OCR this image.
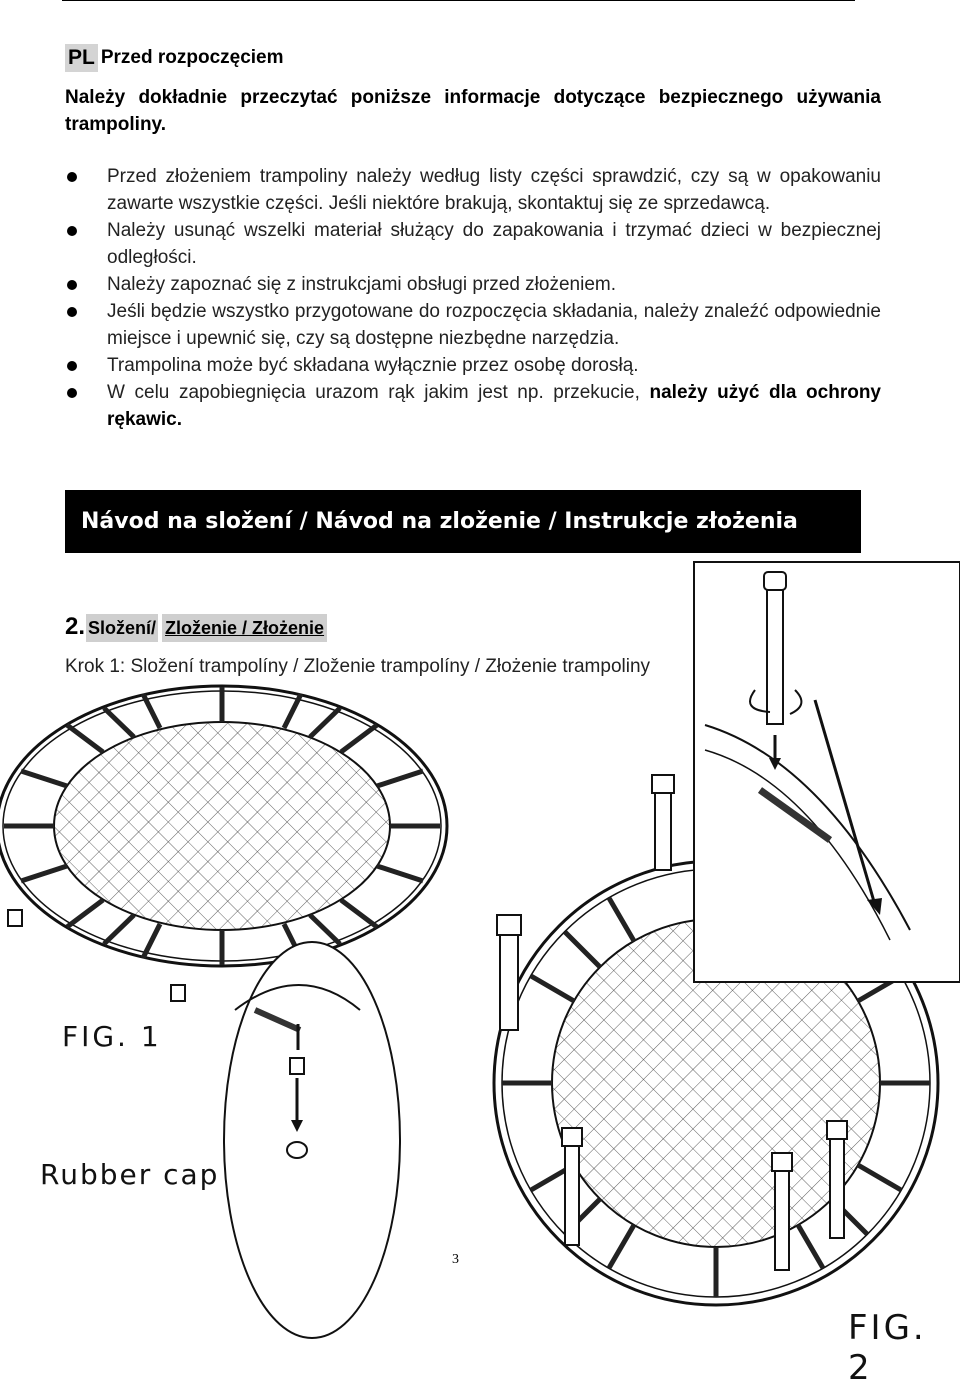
PL Przed rozpoczęciem

Należy dokładnie przeczytać poniższe informacje dotyczące bezpiecznego używania trampoliny.

Przed złożeniem trampoliny należy według listy części sprawdzić, czy są w opakowaniu zawarte wszystkie części. Jeśli niektóre brakują, skontaktuj się ze sprzedawcą.
Należy usunąć wszelki materiał służący do zapakowania i trzymać dzieci w bezpiecznej odległości.
Należy zapoznać się z instrukcjami obsługi przed złożeniem.
Jeśli będzie wszystko przygotowane do rozpoczęcia składania, należy znaleźć odpowiednie miejsce i upewnić się, czy są dostępne niezbędne narzędzia.
Trampolina może być składana wyłącznie przez osobę dorosłą.
W celu zapobiegnięcia urazom rąk jakim jest np. przekucie, należy użyć dla ochrony rękawic.
Návod na složení / Návod na zloženie / Instrukcje złożenia
2. Složení/ Zloženie / Złożenie
Krok 1: Složení trampolíny / Zloženie trampolíny / Złożenie trampoliny
FIG. 1
Rubber cap
FIG. 2
3
